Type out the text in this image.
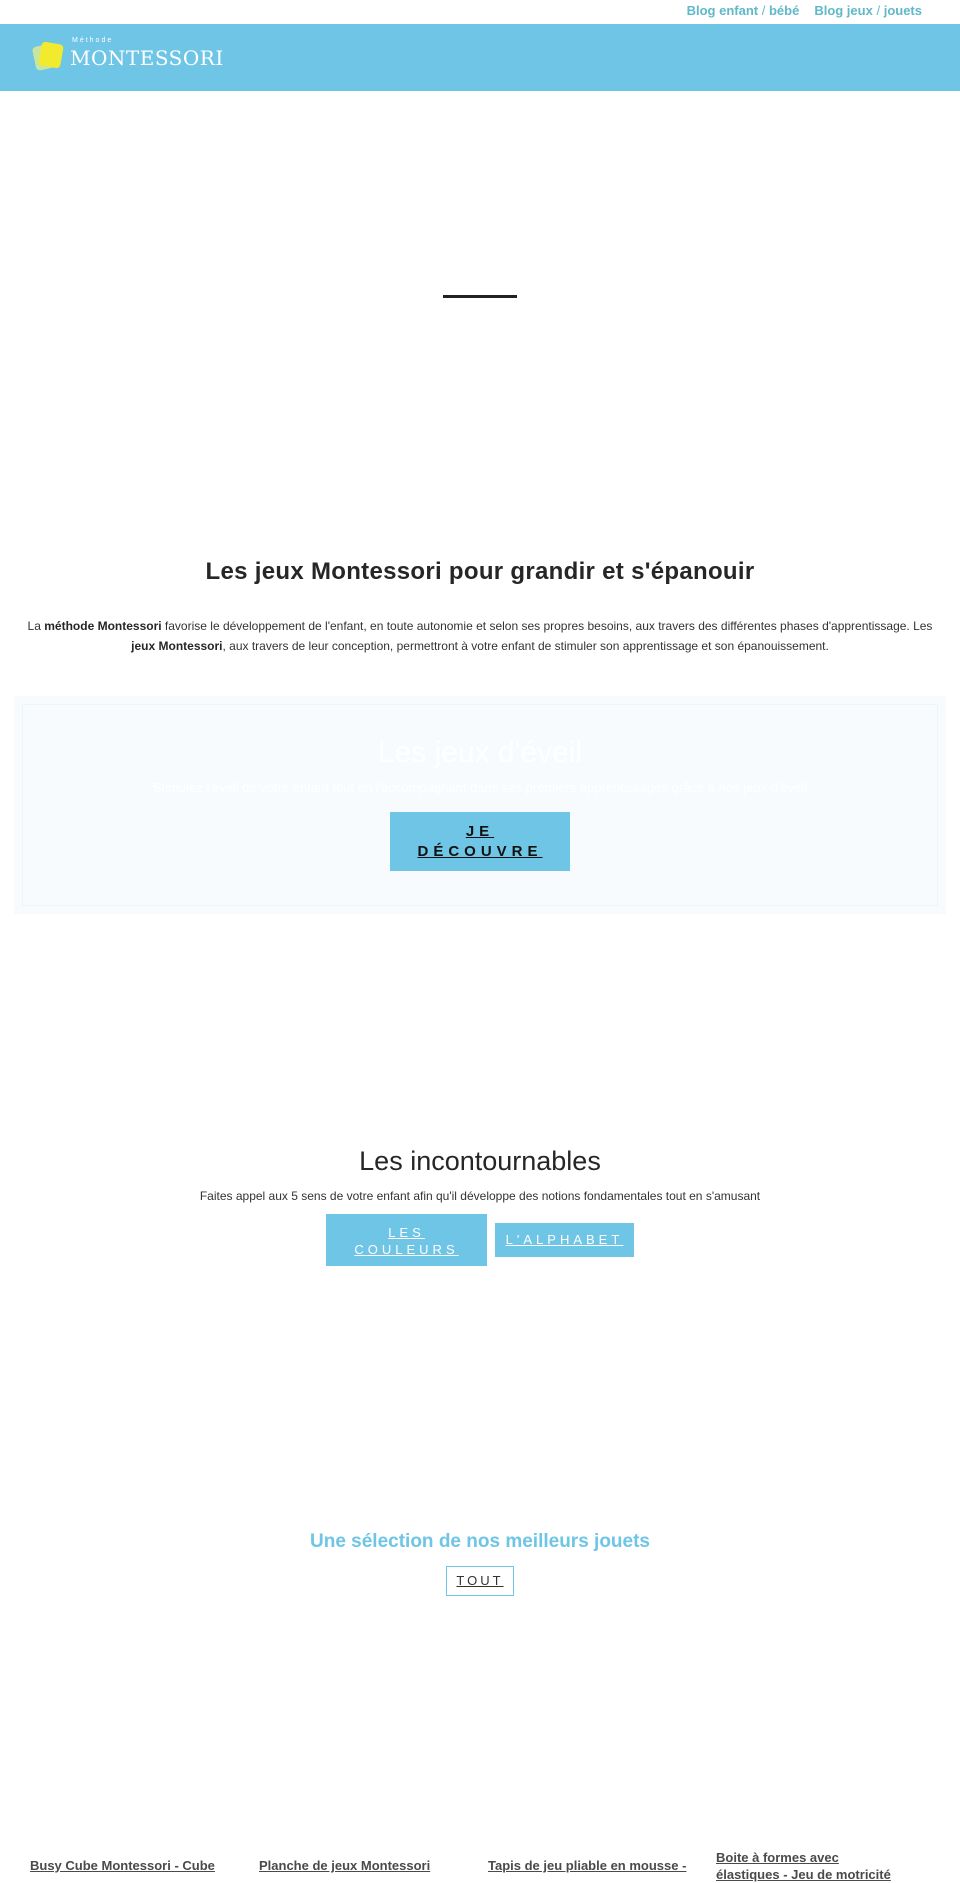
Blog enfant / bébé Blog jeux / jouets
Méthode
MONTESSORI
Jeux par âge Jeux par domaine Tapis de jeu Jouets en bois Meubles
Les jeux Montessori pour grandir et s'épanouir

La méthode Montessori favorise le développement de l'enfant, en toute autonomie et selon ses propres besoins, aux travers des différentes phases d'apprentissage. Les jeux Montessori, aux travers de leur conception, permettront à votre enfant de stimuler son apprentissage et son épanouissement.

Les jeux d'éveil
Stimulez l'éveil de votre enfant tout en l'accompagnant dans ses premiers apprentissages grâce à nos jeux d'éveil
JE
DÉCOUVRE
Les incontournables

Faites appel aux 5 sens de votre enfant afin qu'il développe des notions fondamentales tout en s'amusant

LES
COULEURS
L'ALPHABET
Une sélection de nos meilleurs jouets
TOUT
Busy Cube Montessori - Cube	Planche de jeux Montessori	Tapis de jeu pliable en mousse -
Boite à formes avec élastiques - Jeu de motricité
